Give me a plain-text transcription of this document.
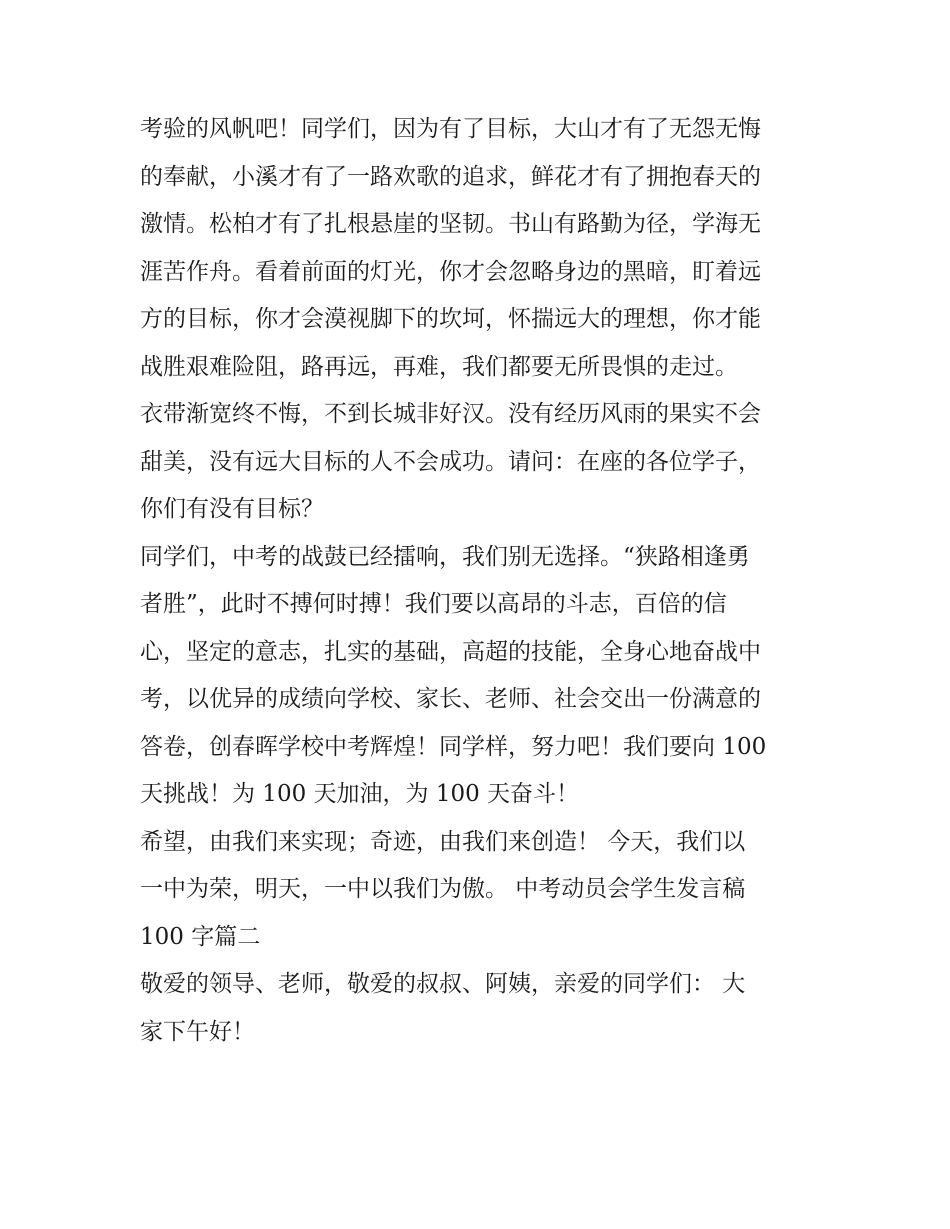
考验的风帆吧！同学们，因为有了目标，大山才有了无怨无悔
的奉献，小溪才有了一路欢歌的追求，鲜花才有了拥抱春天的
激情。松柏才有了扎根悬崖的坚韧。书山有路勤为径，学海无
涯苦作舟。看着前面的灯光，你才会忽略身边的黑暗，盯着远
方的目标，你才会漠视脚下的坎坷，怀揣远大的理想，你才能
战胜艰难险阻，路再远，再难，我们都要无所畏惧的走过。
衣带渐宽终不悔，不到长城非好汉。没有经历风雨的果实不会
甜美，没有远大目标的人不会成功。请问：在座的各位学子，
你们有没有目标？
同学们，中考的战鼓已经擂响，我们别无选择。“狭路相逢勇
者胜”，此时不搏何时搏！我们要以高昂的斗志，百倍的信
心，坚定的意志，扎实的基础，高超的技能，全身心地奋战中
考，以优异的成绩向学校、家长、老师、社会交出一份满意的
答卷，创春晖学校中考辉煌！同学样，努力吧！我们要向 100
天挑战！为 100 天加油，为 100 天奋斗！
希望，由我们来实现；奇迹，由我们来创造！ 今天，我们以
一中为荣，明天，一中以我们为傲。 中考动员会学生发言稿
100 字篇二
敬爱的领导、老师，敬爱的叔叔、阿姨，亲爱的同学们： 大
家下午好！
